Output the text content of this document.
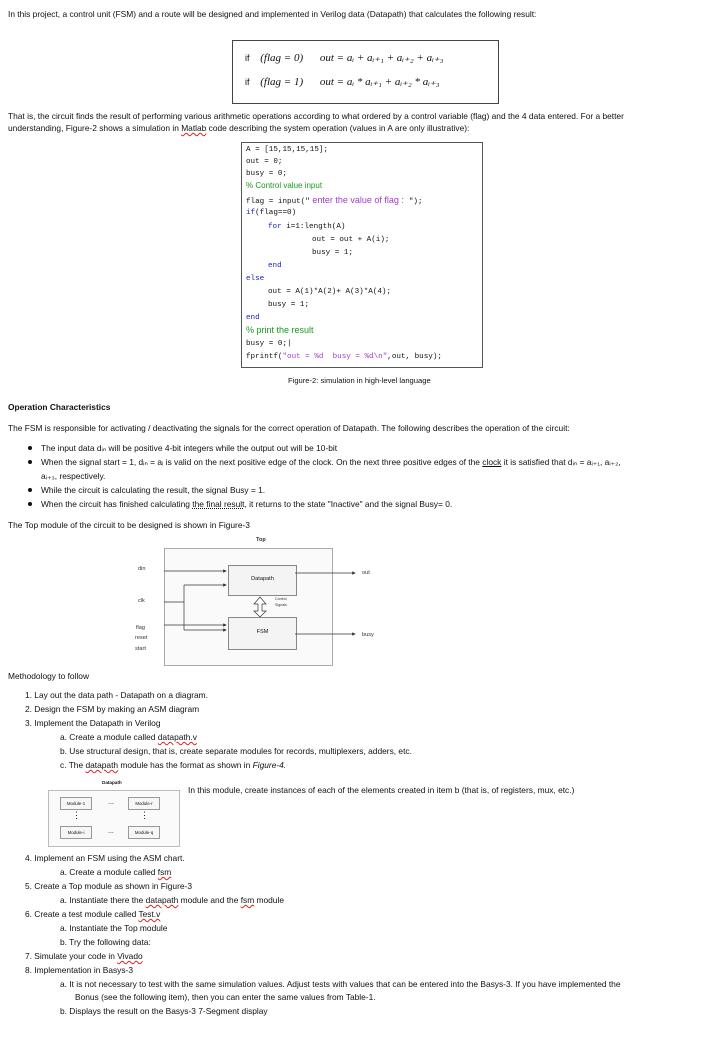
In this project, a control unit (FSM) and a route will be designed and implemented in Verilog data (Datapath) that calculates the following result:
if (flag = 0) out = aᵢ + aᵢ₊₁ + aᵢ₊₂ + aᵢ₊₃
if (flag = 1) out = aᵢ * aᵢ₊₁ + aᵢ₊₂ * aᵢ₊₃
That is, the circuit finds the result of performing various arithmetic operations according to what ordered by a control variable (flag) and the 4 data entered. For a better
understanding, Figure-2 shows a simulation in Matlab code describing the system operation (values in A are only illustrative):
A = [15,15,15,15];
out = 0;
busy = 0;
% Control value input
flag = input(" enter the value of flag :  ");
if(flag==0)
for i=1:length(A)
out = out + A(i);
busy = 1;
end
else
out = A(1)*A(2)+ A(3)*A(4);
busy = 1;
end
% print the result
busy = 0;|
fprintf("out = %d  busy = %d\n",out, busy);
Figure-2: simulation in high-level language
Operation Characteristics
The FSM is responsible for activating / deactivating the signals for the correct operation of Datapath. The following describes the operation of the circuit:
The input data dᵢₙ will be positive 4-bit integers while the output out will be 10-bit
When the signal start = 1, dᵢₙ = aᵢ is valid on the next positive edge of the clock. On the next three positive edges of the clock it is satisfied that dᵢₙ = aᵢ₊₁, aᵢ₊₂,
aᵢ₊₃, respectively.
While the circuit is calculating the result, the signal Busy = 1.
When the circuit has finished calculating the final result, it returns to the state "Inactive" and the signal Busy= 0.
The Top module of the circuit to be designed is shown in Figure-3
Top
Datapath
FSM
Control
Signals
din
clk
flag
reset
start
out
busy
Methodology to follow
1. Lay out the data path - Datapath on a diagram.
2. Design the FSM by making an ASM diagram
3. Implement the Datapath in Verilog
a. Create a module called datapath.v
b. Use structural design, that is, create separate modules for records, multiplexers, adders, etc.
c. The datapath module has the format as shown in Figure-4.
Datapath
Module-1	Module-r
Module-i	Module-q
...
...
⋮	⋮
In this module, create instances of each of the elements created in item b (that is, of registers, mux, etc.)
4. Implement an FSM using the ASM chart.
a. Create a module called fsm
5. Create a Top module as shown in Figure-3
a. Instantiate there the datapath module and the fsm module
6. Create a test module called Test.v
a. Instantiate the Top module
b. Try the following data:
7. Simulate your code in Vivado
8. Implementation in Basys-3
a. It is not necessary to test with the same simulation values. Adjust tests with values that can be entered into the Basys-3. If you have implemented the
Bonus (see the following item), then you can enter the same values from Table-1.
b. Displays the result on the Basys-3 7-Segment display
